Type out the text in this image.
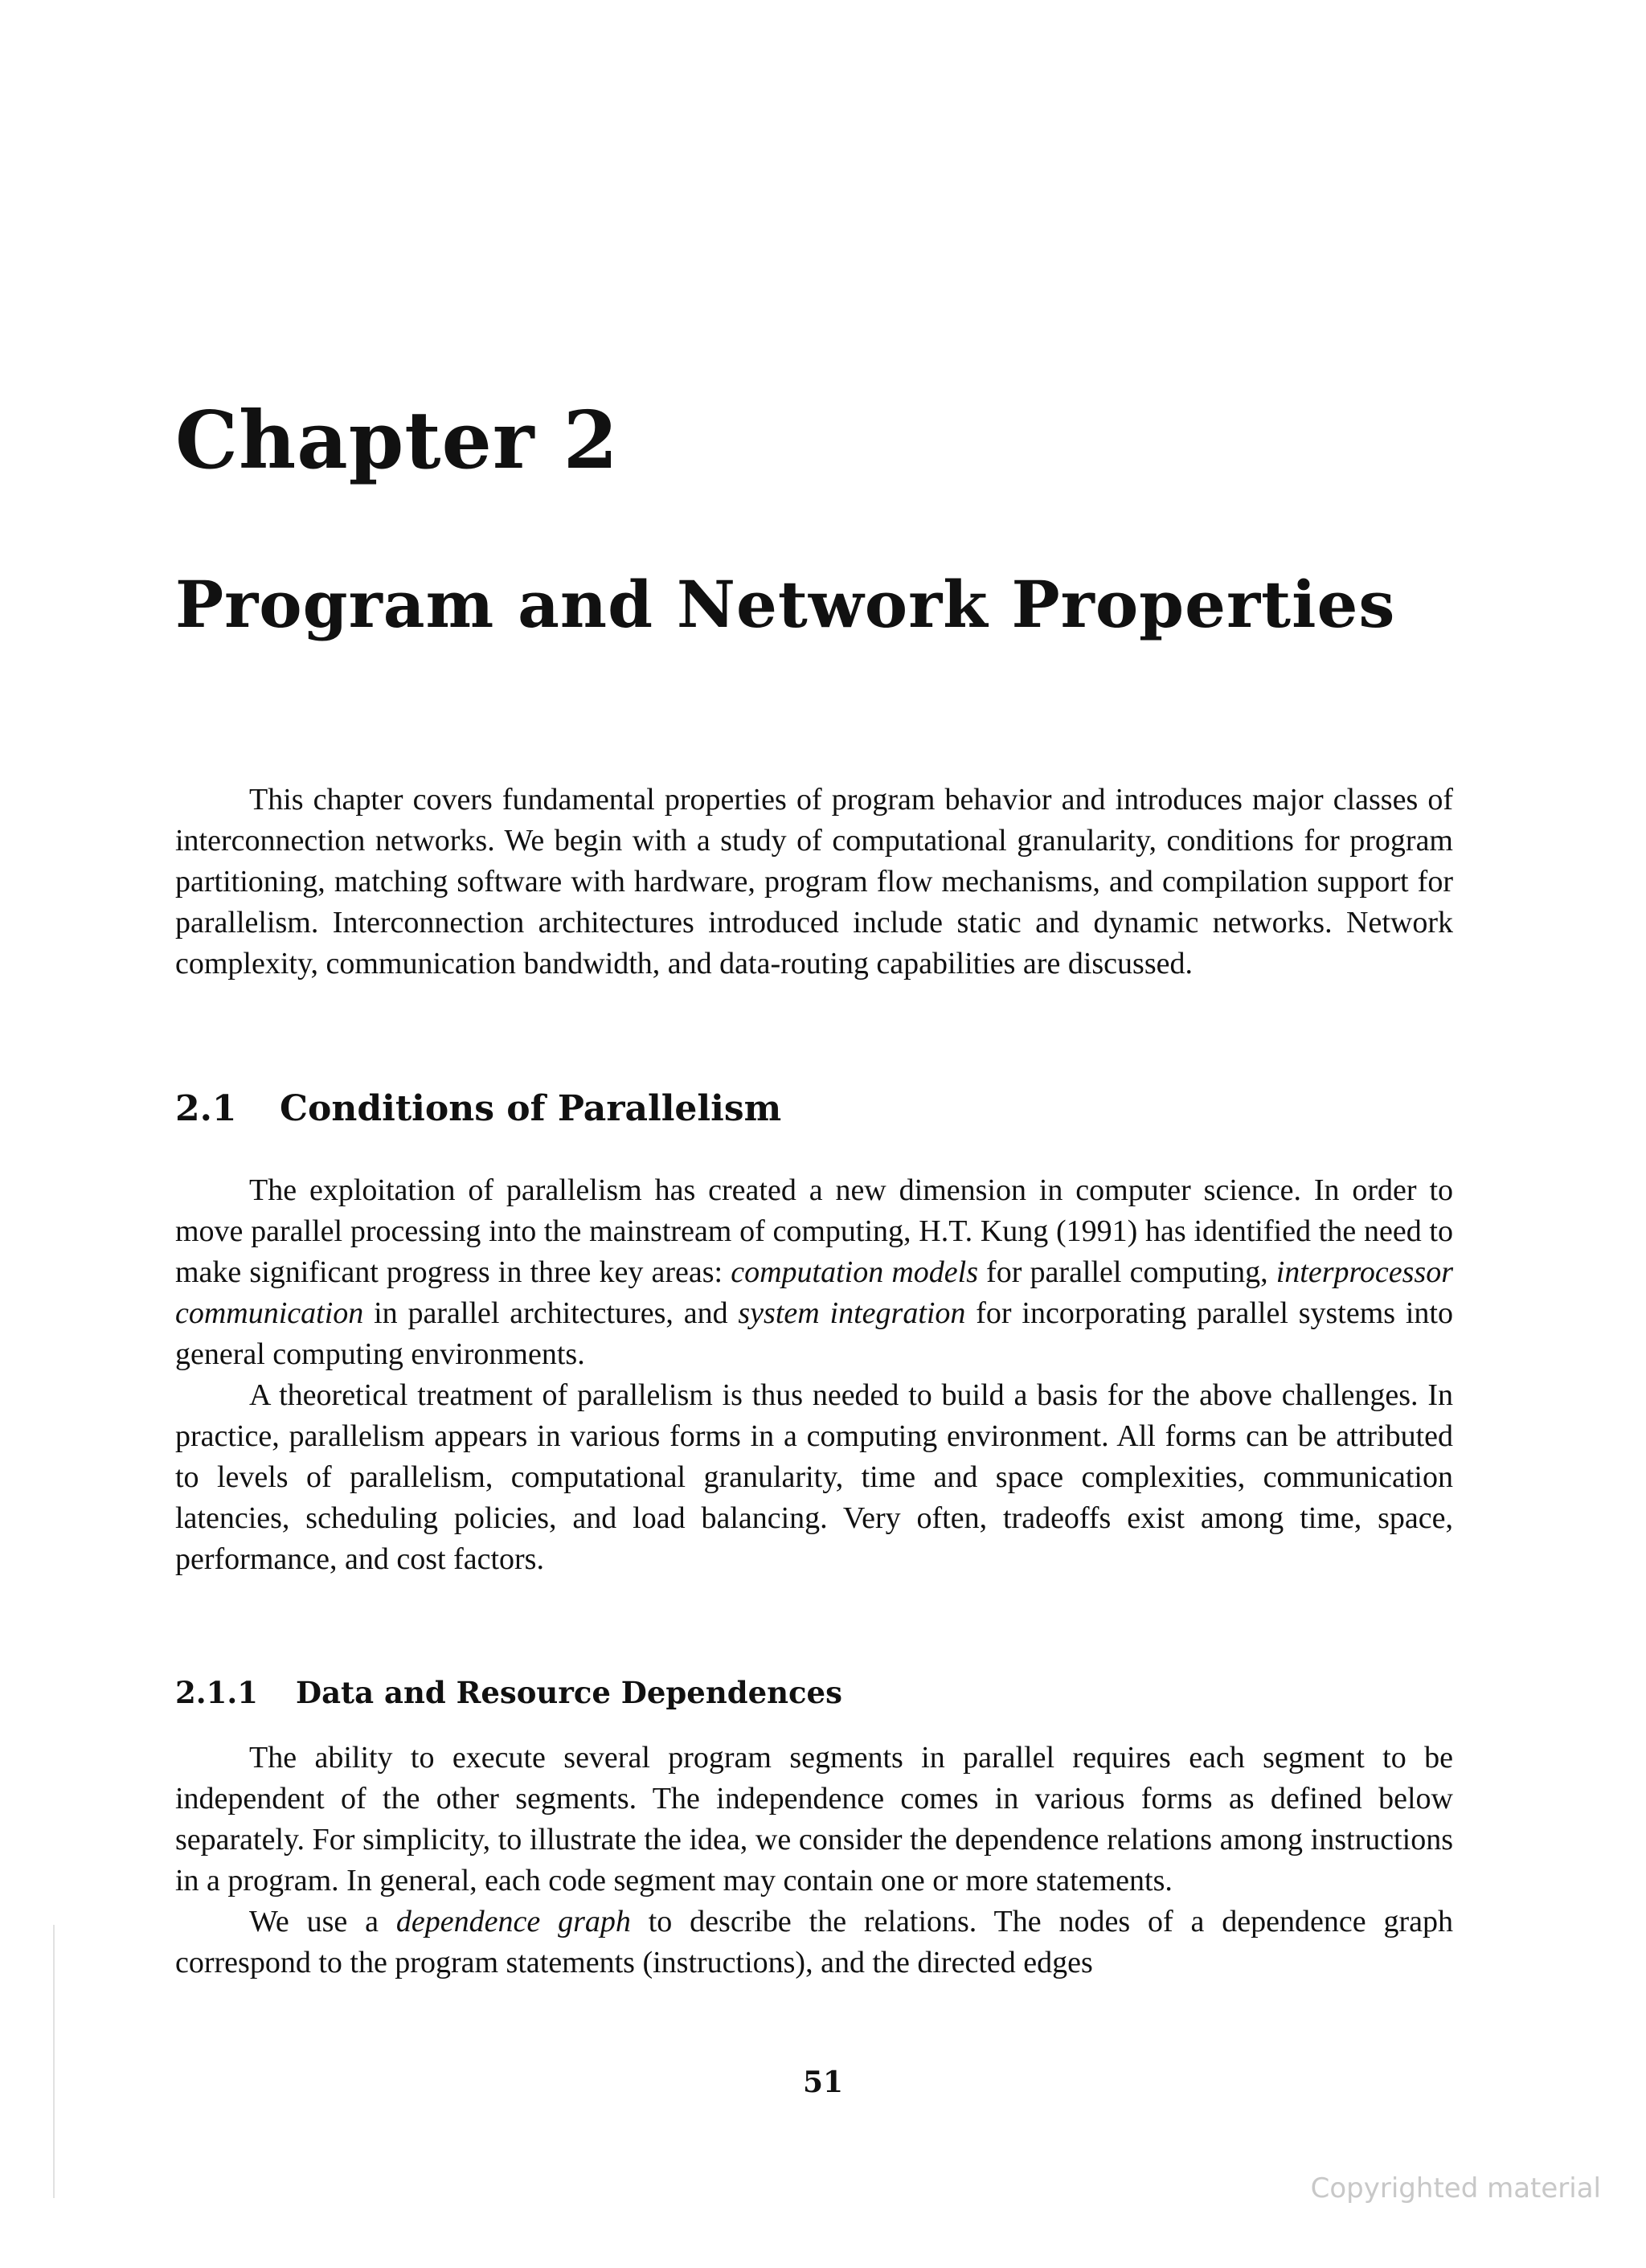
Chapter 2
Program and Network Properties

This chapter covers fundamental properties of program behavior and introduces major classes of interconnection networks. We begin with a study of computational granularity, conditions for program partitioning, matching software with hardware, program flow mechanisms, and compilation support for parallelism. Interconnection architectures introduced include static and dynamic networks. Network complexity, communication bandwidth, and data-routing capabilities are discussed.

2.1 Conditions of Parallelism

The exploitation of parallelism has created a new dimension in computer science. In order to move parallel processing into the mainstream of computing, H.T. Kung (1991) has identified the need to make significant progress in three key areas: computation models for parallel computing, interprocessor communication in parallel architectures, and system integration for incorporating parallel systems into general computing environments.

A theoretical treatment of parallelism is thus needed to build a basis for the above challenges. In practice, parallelism appears in various forms in a computing environment. All forms can be attributed to levels of parallelism, computational granularity, time and space complexities, communication latencies, scheduling policies, and load balancing. Very often, tradeoffs exist among time, space, performance, and cost factors.

2.1.1 Data and Resource Dependences

The ability to execute several program segments in parallel requires each segment to be independent of the other segments. The independence comes in various forms as defined below separately. For simplicity, to illustrate the idea, we consider the dependence relations among instructions in a program. In general, each code segment may contain one or more statements.

We use a dependence graph to describe the relations. The nodes of a dependence graph correspond to the program statements (instructions), and the directed edges

51
Copyrighted material
